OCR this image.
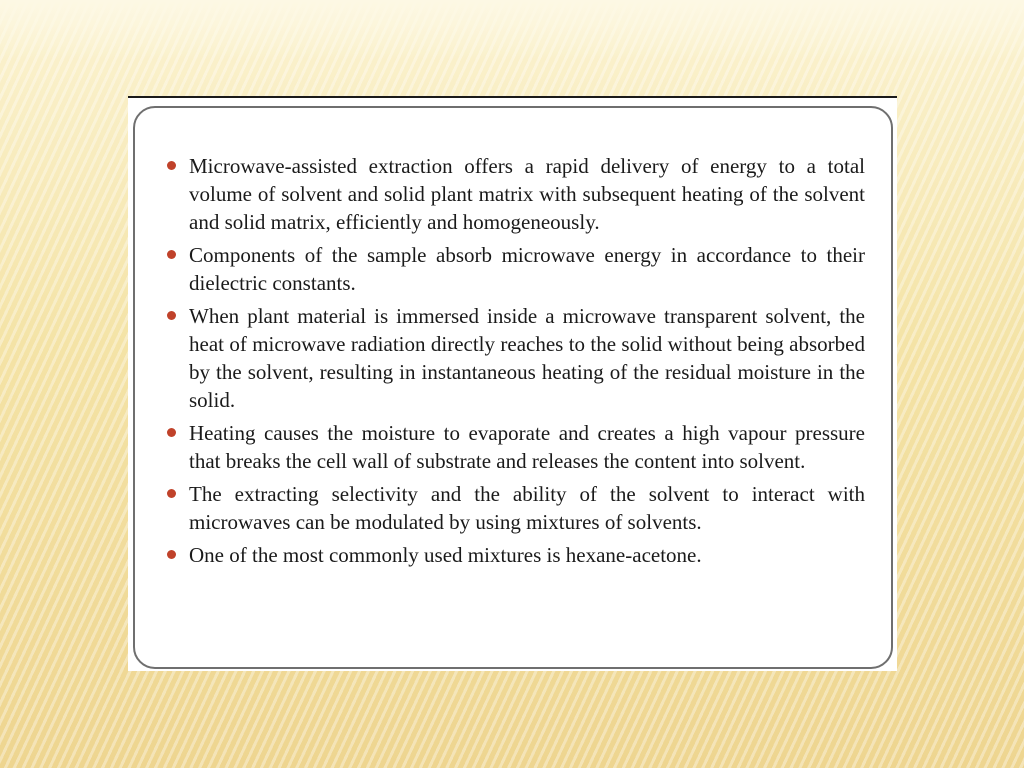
Microwave-assisted extraction offers a rapid delivery of energy to a total volume of solvent and solid plant matrix with subsequent heating of the solvent and solid matrix, efficiently and homogeneously.
Components of the sample absorb microwave energy in accordance to their dielectric constants.
When plant material is immersed inside a microwave transparent solvent, the heat of microwave radiation directly reaches to the solid without being absorbed by the solvent, resulting in instantaneous heating of the residual moisture in the solid.
Heating causes the moisture to evaporate and creates a high vapour pressure that breaks the cell wall of substrate and releases the content into solvent.
The extracting selectivity and the ability of the solvent to interact with microwaves can be modulated by using mixtures of solvents.
One of the most commonly used mixtures is hexane-acetone.
